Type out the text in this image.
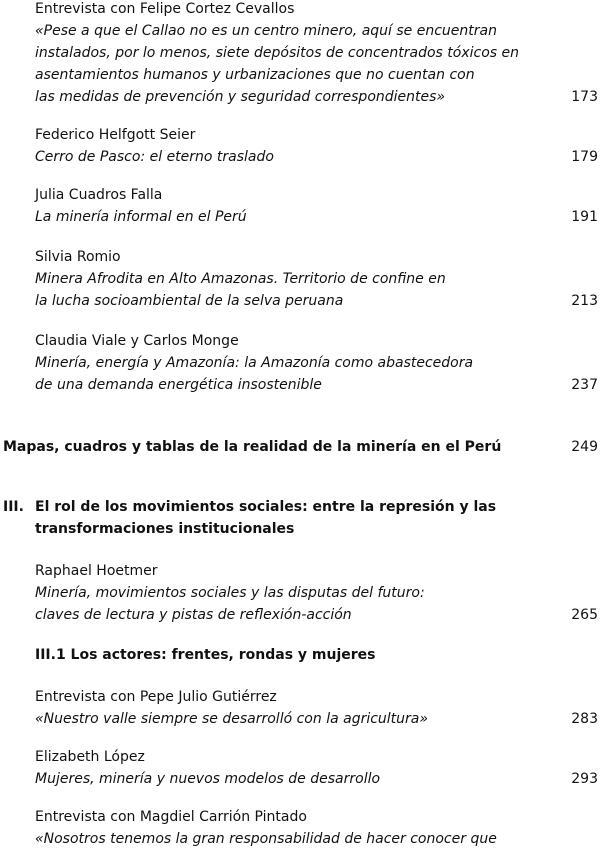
Entrevista con Felipe Cortez Cevallos
«Pese a que el Callao no es un centro minero, aquí se encuentran
instalados, por lo menos, siete depósitos de concentrados tóxicos en
asentamientos humanos y urbanizaciones que no cuentan con
las medidas de prevención y seguridad correspondientes»	173
Federico Helfgott Seier
Cerro de Pasco: el eterno traslado	179
Julia Cuadros Falla
La minería informal en el Perú	191
Silvia Romio
Minera Afrodita en Alto Amazonas. Territorio de confine en
la lucha socioambiental de la selva peruana	213
Claudia Viale y Carlos Monge
Minería, energía y Amazonía: la Amazonía como abastecedora
de una demanda energética insostenible	237
Mapas, cuadros y tablas de la realidad de la minería en el Perú	249
III. El rol de los movimientos sociales: entre la represión y las
transformaciones institucionales
Raphael Hoetmer
Minería, movimientos sociales y las disputas del futuro:
claves de lectura y pistas de reflexión-acción	265
III.1 Los actores: frentes, rondas y mujeres
Entrevista con Pepe Julio Gutiérrez
«Nuestro valle siempre se desarrolló con la agricultura»	283
Elizabeth López
Mujeres, minería y nuevos modelos de desarrollo	293
Entrevista con Magdiel Carrión Pintado
«Nosotros tenemos la gran responsabilidad de hacer conocer que
